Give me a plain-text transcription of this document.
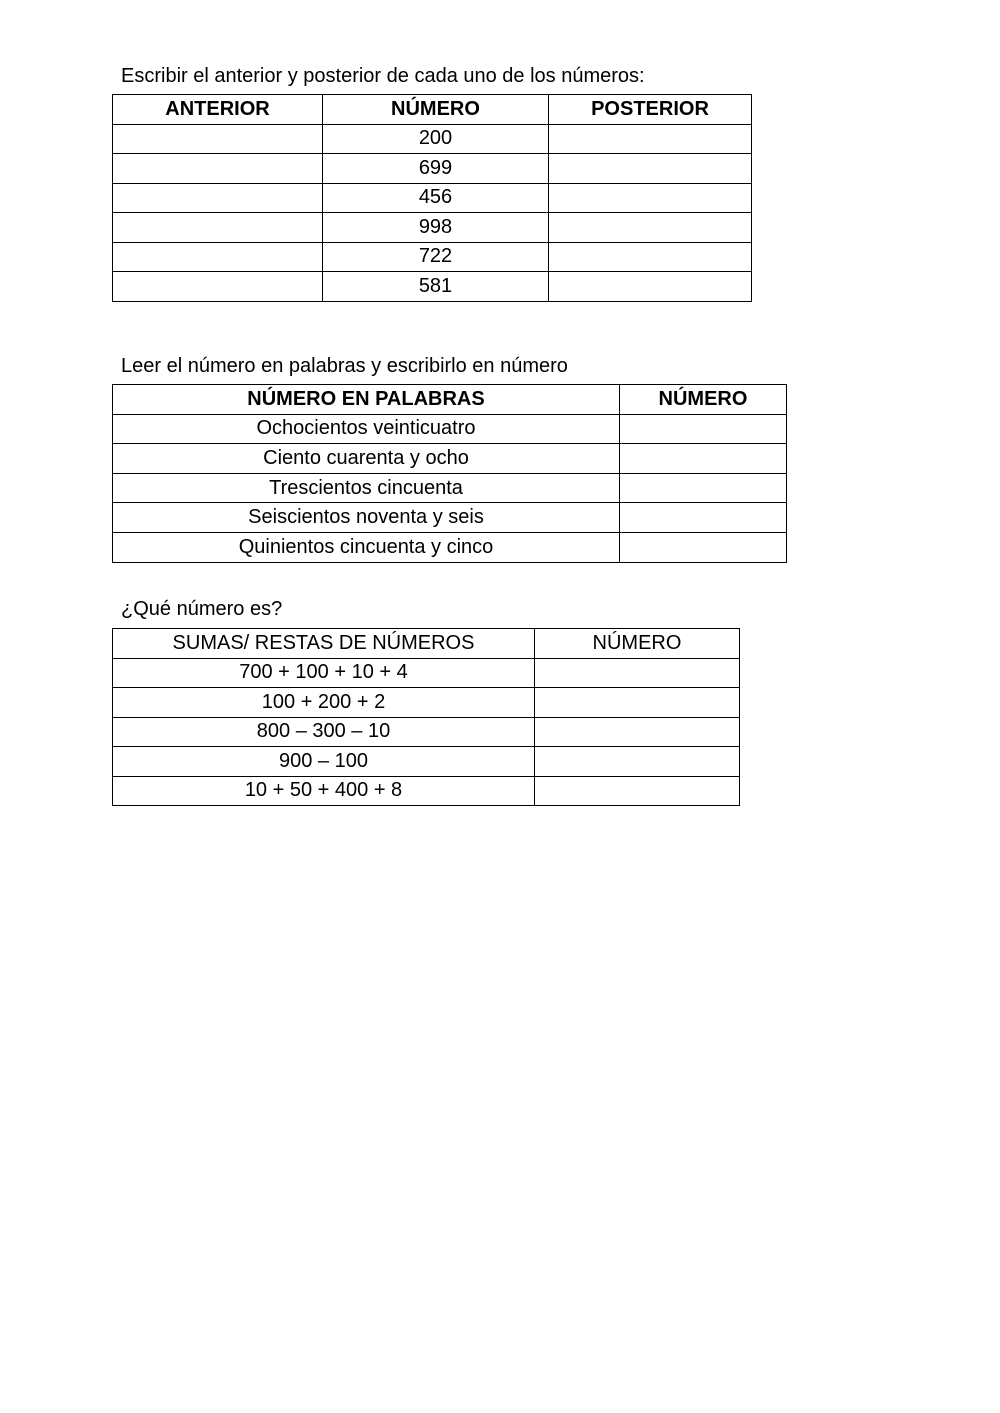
Escribir el anterior y posterior de cada uno de los números:
ANTERIOR	NÚMERO	POSTERIOR
	200	
	699	
	456	
	998	
	722	
	581	
Leer el número en palabras y escribirlo en número
NÚMERO EN PALABRAS	NÚMERO
Ochocientos veinticuatro	
Ciento cuarenta y ocho	
Trescientos cincuenta	
Seiscientos noventa y seis	
Quinientos cincuenta y cinco	
¿Qué número es?
SUMAS/ RESTAS DE NÚMEROS	NÚMERO
700 + 100 + 10 + 4	
100 + 200 + 2	
800 – 300 – 10	
900 – 100	
10 + 50 + 400 + 8	
